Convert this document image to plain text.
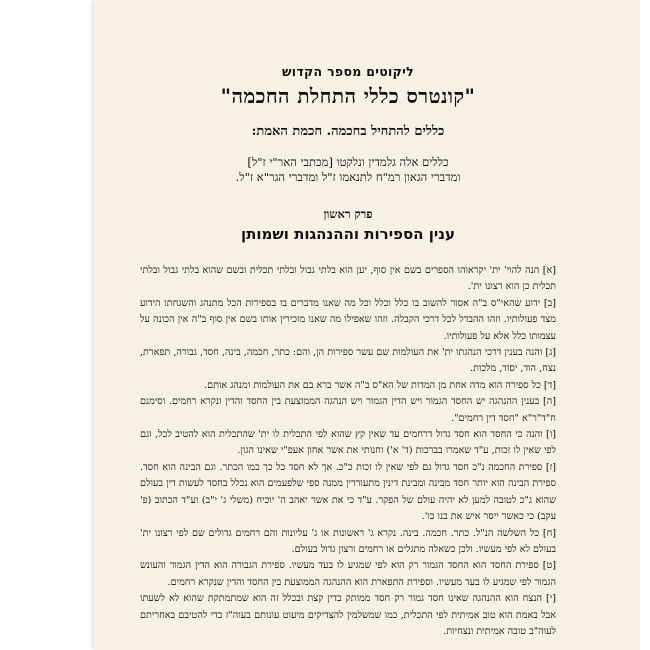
ליקוטים מספר הקדוש
"קונטרס כללי התחלת החכמה"
כללים להתחיל בחכמה. חכמת האמת:
כללים אלה גלמדין ונלקטו [מכתבי האר"י ז"ל]
ומדברי הגאון רמ"ח לתנאמו ז"ל ומדברי הגר"א ז"ל.
פרק ראשון
ענין הספירות וההנהגות ושמותן

[א] הנה להוי' ית' יקראוהו הספרים בשם אין סוף, יען הוא בלתי גבול ובלתי תכלית ובשם שהוא בלתי גבול ובלתי תכלית כן הוא רצונו ית'.

[ב] ידוע שהאי"ס ב"ה אסור להשוב בו כלל וכלל וכל מה שאנו מדברים בו בספירות הכל מתנהג והשגחתו הידוע מצד פעולותיו. וזהו ההבדל לכל דרכי הקבלה. וזהו שאפילו מה שאנו מזכירין אותו בשם אין סוף ב"ה אין הכונה על עצמותו כלל אלא על פעולותיו.

[ג] והנה בענין דרכי הנהגתו ית' את העולמות שם עשר ספירות הן, והם: כתר, חכמה, בינה, חסד, גבורה, תפארת, נצח, הוד, יסוד, מלכות.

[ד] כל ספירה הוא מדה אחת מן המדות של הא"ס ב"ה אשר ברא בם את העולמות ומנהג אותם.

[ה] בענין ההנהגה יש החסד הגמור ויש הדין הגמור ויש הנהגה הממוצעת בין החסד והדין ונקרא רחמים. וסימנם ח"ד"ר"א "חסד דין רחמים".

[ו] והנה כי החסד הוא חסד גדול דרחמים עד שאין קץ שהוא לפי התכלית לו ית' שהתכלית הוא להטיב לכל, וגם לפי שאין לו זכות, ע"ד שאמרו בברכות (ד' א') וחנותי את אשר אחון אעפ"י שאינו הגון.

[ז] ספירת החכמה נ"כ חסד גדול גם לפי שאין לו זכות כ"כ. אך לא חסד כל כך כמו הכתר. וגם הבינה הוא חסד. ספירת הבינה הוא יותר חסד מבינה ומבינת דינין מתעוררין ממנה ספי שלפעמים הוא נכלל בחסד לעשות דין בעולם שהוא ג"כ לטובה למען לא יהיה עולם של הפקר. ע"ד כי את אשר יאהב ה' יוכיח (משלי ג' י"ב) וע"ד הכתוב (פ' עקב) כי כאשר ייסר איש את בנו כו'.

[ח] כל השלשה הנ"ל. כתר. חכמה. בינה. נקרא ג' ראשונות או ג' עליונות והם רחמים גדולים שם לפי רצונו ית' בעולם לא לפי מעשיו. ולכן כשאלה מתגלים או רחמים ורצון גדול בעולם.

[ט] ספירת החסד הוא החסד הגמור רק הוא לפי שמגיע לו בעד מעשיו. ספירת הגבורה הוא הדין הגמור והעונש הגמור לפי שמגיע לו בעד מעשיו. וספירת התפארת הוא ההנהגה הממוצעת בין החסד והדין שנקרא רחמים.

[י] הנצח הוא ההנהגה שאינו חסד גמור רק חסד ממותק בדין קצת ובכלל זה הוא שמתמתקת שהוא לא לשעתו אבל באמת הוא טוב אמיתית לפי התכלית, כמו שמשלמין להצדיקים מיעוט עונותם בעוה"ז כדי להטיבם באחריתם לעוה"ב טובה אמיתית ונצחיות.
